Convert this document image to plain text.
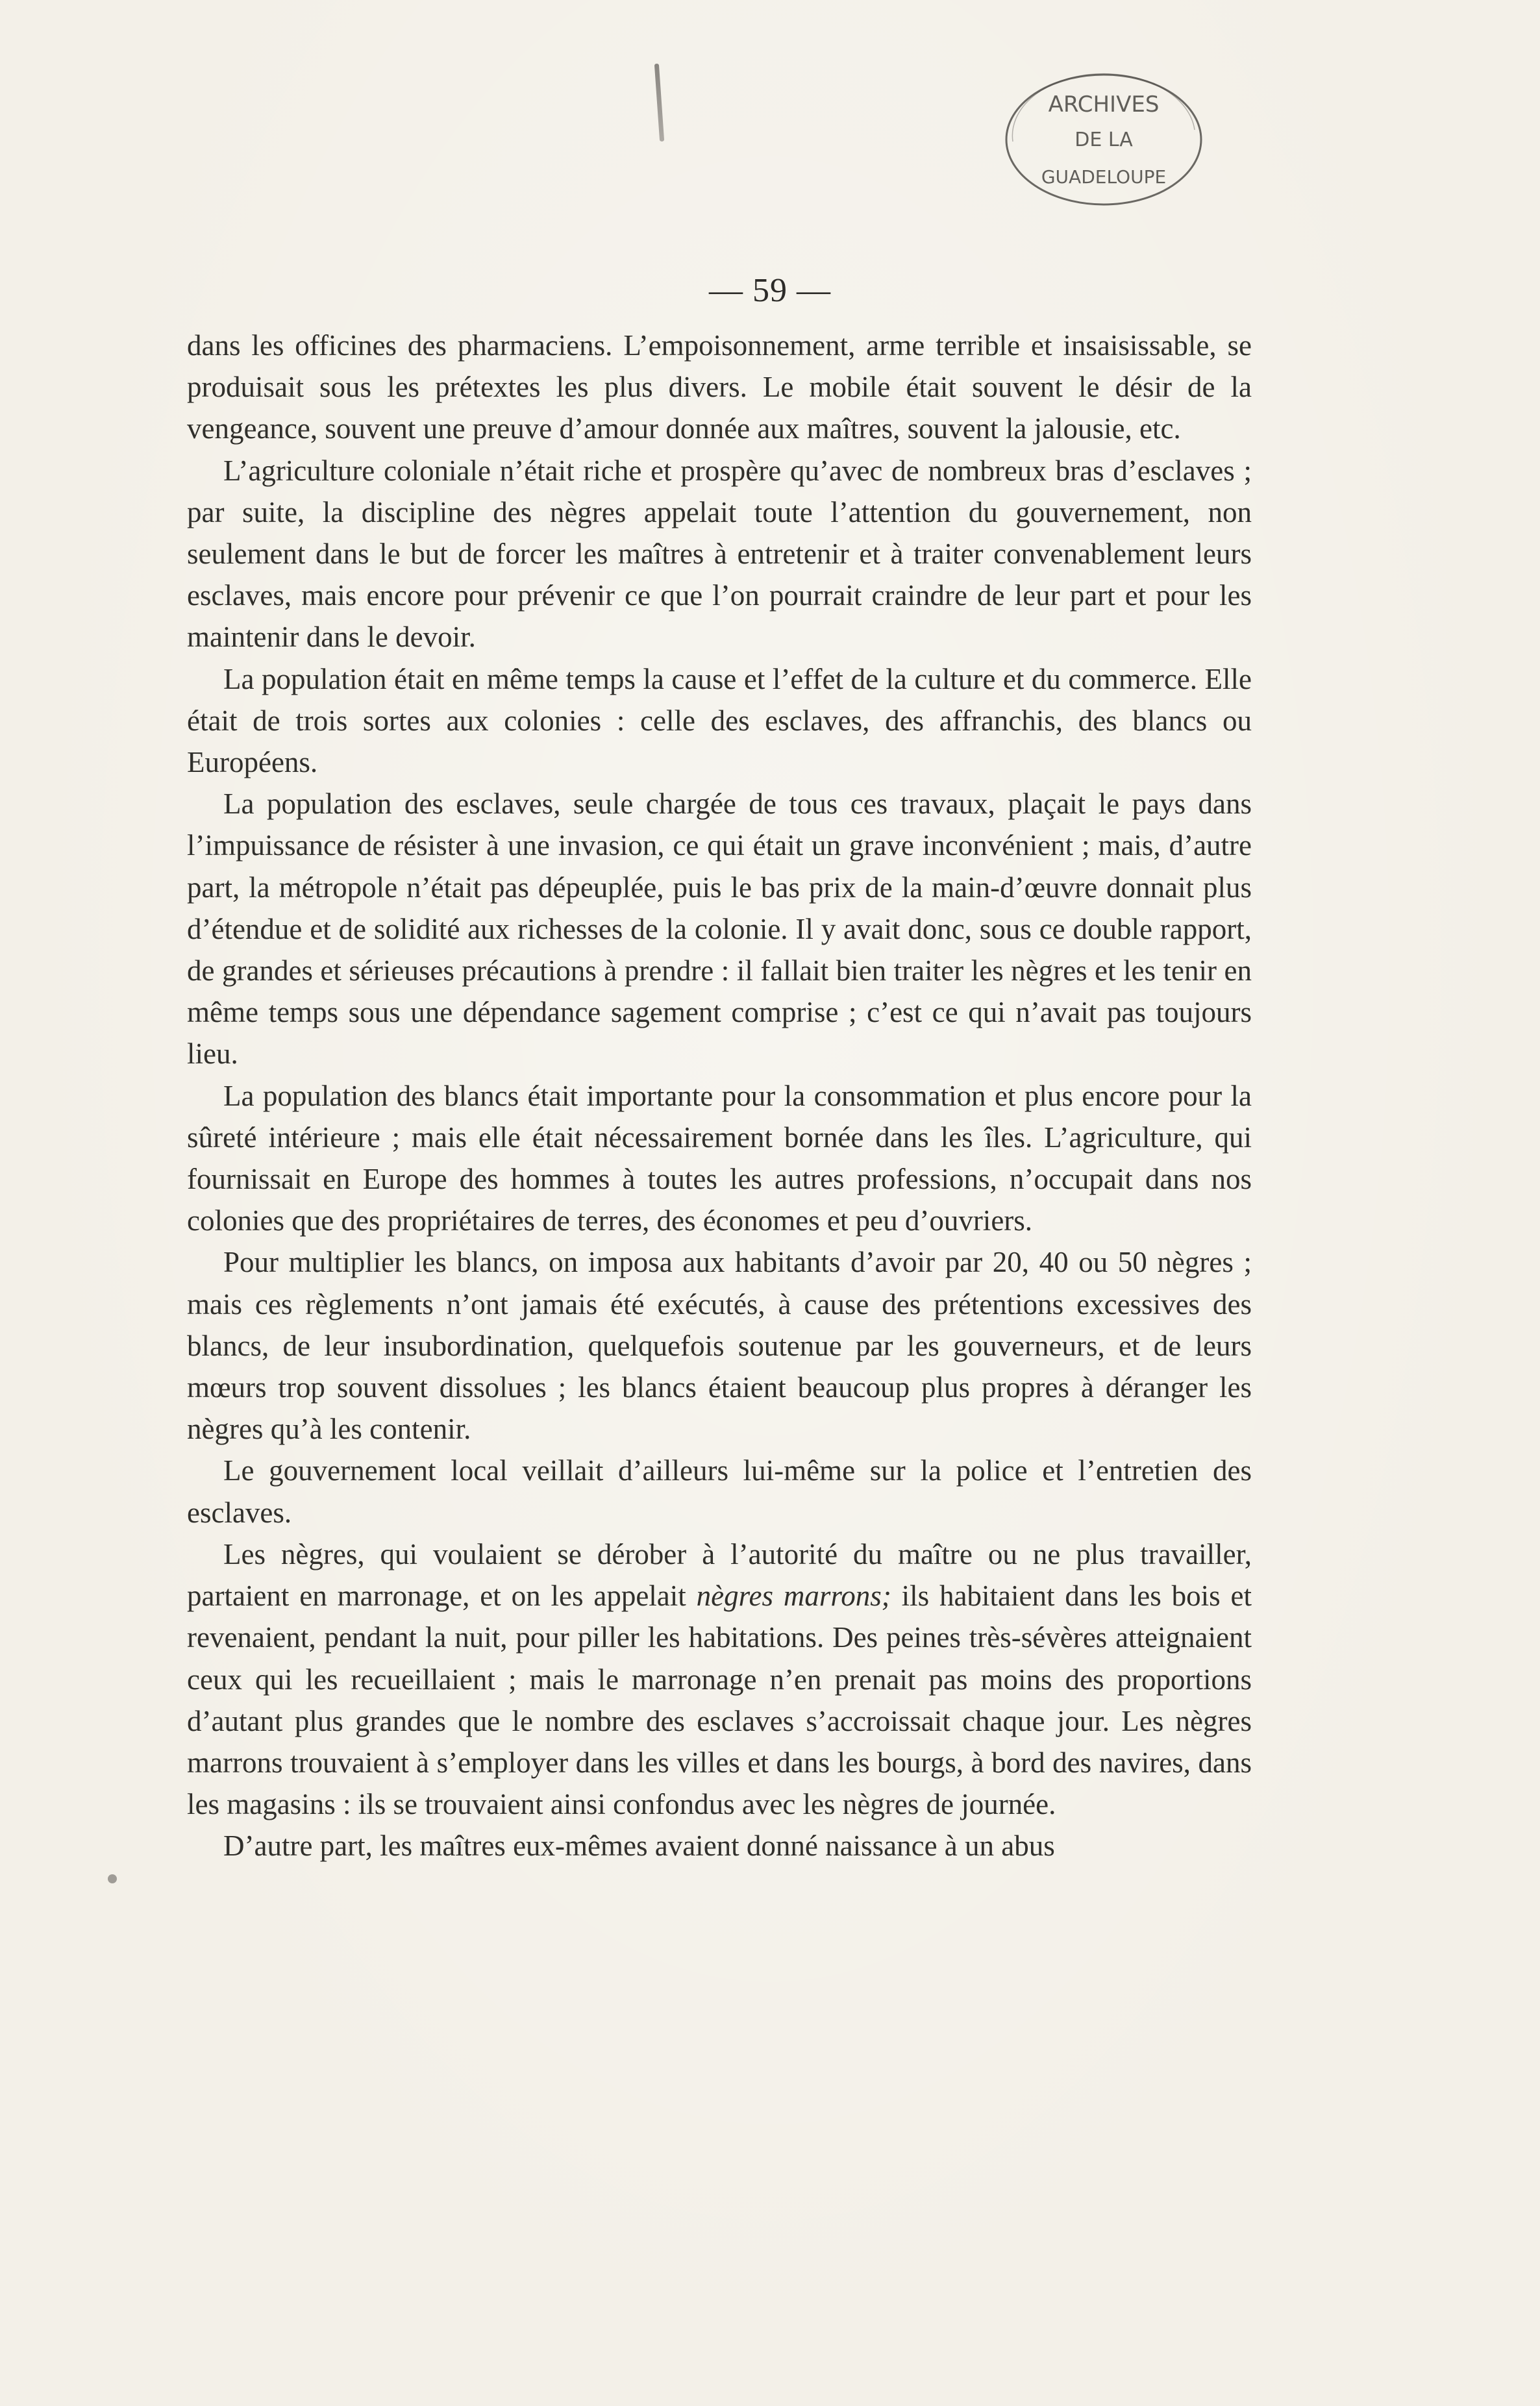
ARCHIVES
DE LA
GUADELOUPE
— 59 —

dans les officines des pharmaciens. L’empoisonnement, arme terrible et insaisissable, se produisait sous les prétextes les plus divers. Le mobile était souvent le désir de la vengeance, souvent une preuve d’amour donnée aux maîtres, souvent la jalousie, etc.

L’agriculture coloniale n’était riche et prospère qu’avec de nombreux bras d’esclaves ; par suite, la discipline des nègres appelait toute l’attention du gouvernement, non seulement dans le but de forcer les maîtres à entretenir et à traiter convenablement leurs esclaves, mais encore pour prévenir ce que l’on pourrait craindre de leur part et pour les maintenir dans le devoir.

La population était en même temps la cause et l’effet de la culture et du commerce. Elle était de trois sortes aux colonies : celle des esclaves, des affranchis, des blancs ou Européens.

La population des esclaves, seule chargée de tous ces travaux, plaçait le pays dans l’impuissance de résister à une invasion, ce qui était un grave inconvénient ; mais, d’autre part, la métropole n’était pas dépeuplée, puis le bas prix de la main-d’œuvre donnait plus d’étendue et de solidité aux richesses de la colonie. Il y avait donc, sous ce double rapport, de grandes et sérieuses précautions à prendre : il fallait bien traiter les nègres et les tenir en même temps sous une dépendance sagement comprise ; c’est ce qui n’avait pas toujours lieu.

La population des blancs était importante pour la consommation et plus encore pour la sûreté intérieure ; mais elle était nécessairement bornée dans les îles. L’agriculture, qui fournissait en Europe des hommes à toutes les autres professions, n’occupait dans nos colonies que des propriétaires de terres, des économes et peu d’ouvriers.

Pour multiplier les blancs, on imposa aux habitants d’avoir par 20, 40 ou 50 nègres ; mais ces règlements n’ont jamais été exécutés, à cause des prétentions excessives des blancs, de leur insubordination, quelquefois soutenue par les gouverneurs, et de leurs mœurs trop souvent dissolues ; les blancs étaient beaucoup plus propres à déranger les nègres qu’à les contenir.

Le gouvernement local veillait d’ailleurs lui-même sur la police et l’entretien des esclaves.

Les nègres, qui voulaient se dérober à l’autorité du maître ou ne plus travailler, partaient en marronage, et on les appelait nègres marrons; ils habitaient dans les bois et revenaient, pendant la nuit, pour piller les habitations. Des peines très-sévères atteignaient ceux qui les recueillaient ; mais le marronage n’en prenait pas moins des proportions d’autant plus grandes que le nombre des esclaves s’accroissait chaque jour. Les nègres marrons trouvaient à s’employer dans les villes et dans les bourgs, à bord des navires, dans les magasins : ils se trouvaient ainsi confondus avec les nègres de journée.

D’autre part, les maîtres eux-mêmes avaient donné naissance à un abus
